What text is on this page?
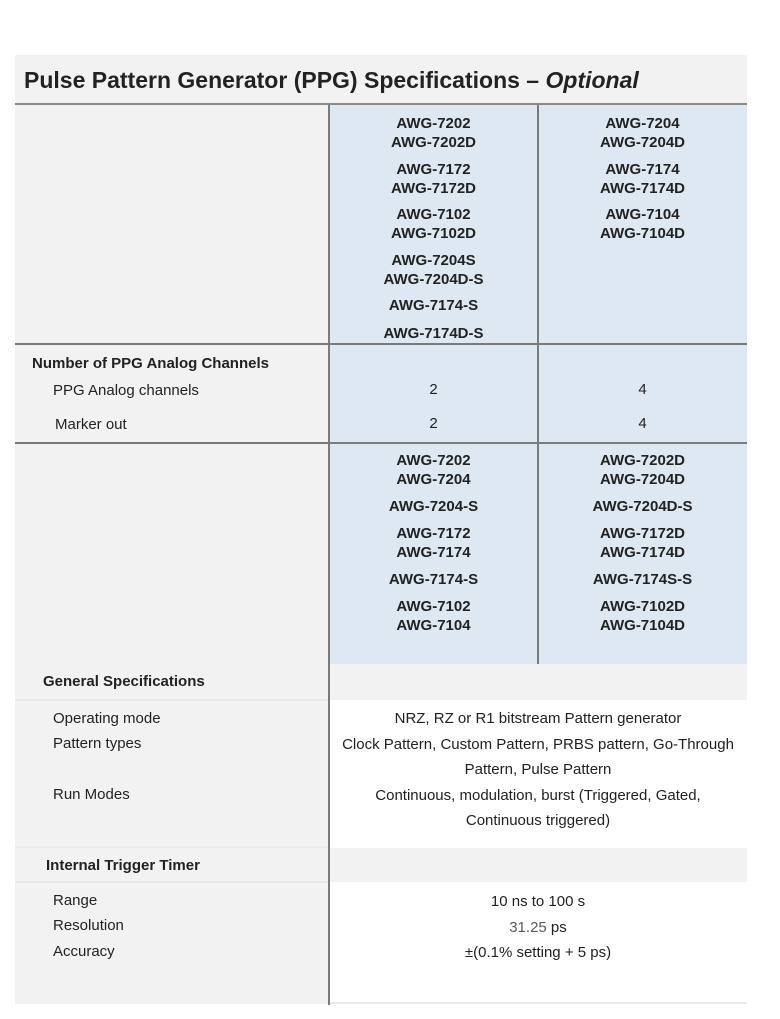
Pulse Pattern Generator (PPG) Specifications – Optional
AWG-7202
AWG-7202D
AWG-7172
AWG-7172D
AWG-7102
AWG-7102D
AWG-7204S
AWG-7204D-S
AWG-7174-S
AWG-7174D-S
AWG-7204
AWG-7204D
AWG-7174
AWG-7174D
AWG-7104
AWG-7104D
Number of PPG Analog Channels
PPG Analog channels
Marker out
2	4
2	4
AWG-7202
AWG-7204
AWG-7204-S
AWG-7172
AWG-7174
AWG-7174-S
AWG-7102
AWG-7104
AWG-7202D
AWG-7204D
AWG-7204D-S
AWG-7172D
AWG-7174D
AWG-7174S-S
AWG-7102D
AWG-7104D
General Specifications
NRZ, RZ or R1 bitstream Pattern generator
Clock Pattern, Custom Pattern, PRBS pattern, Go-Through Pattern, Pulse Pattern
Continuous, modulation, burst (Triggered, Gated, Continuous triggered)
Operating mode
Pattern types
Run Modes
Internal Trigger Timer
10 ns to 100 s
31.25 ps
±(0.1% setting + 5 ps)
Range
Resolution
Accuracy
